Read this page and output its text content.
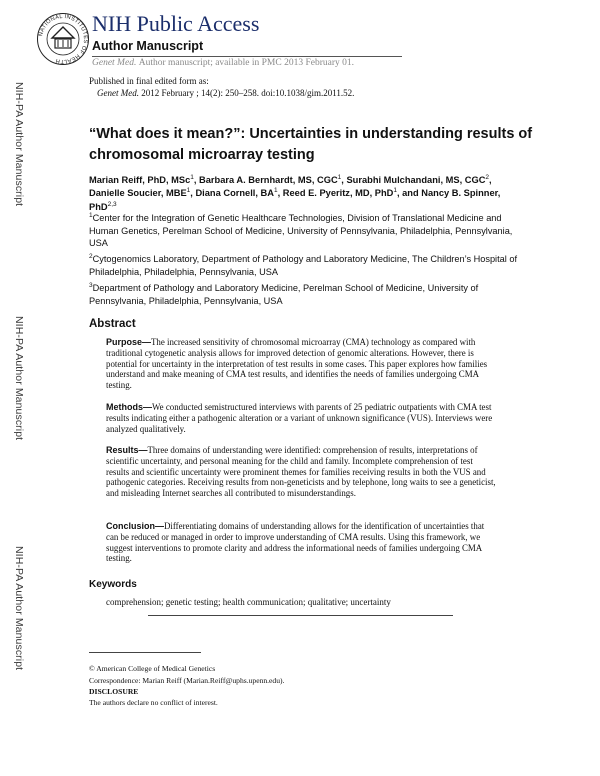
NIH-PA Author Manuscript
NIH-PA Author Manuscript
NIH-PA Author Manuscript
NATIONAL INSTITUTES OF HEALTH
NIH Public Access
Author Manuscript
Genet Med. Author manuscript; available in PMC 2013 February 01.
Published in final edited form as:
Genet Med. 2012 February ; 14(2): 250–258. doi:10.1038/gim.2011.52.
“What does it mean?”: Uncertainties in understanding results of chromosomal microarray testing
Marian Reiff, PhD, MSc$^1$, Barbara A. Bernhardt, MS, CGC$^1$, Surabhi Mulchandani, MS, CGC$^2$, Danielle Soucier, MBE$^1$, Diana Cornell, $BA^1$, Reed E. Pyeritz, MD, PhD$^1$, and Nancy B. Spinner, PhD$^{2,3}$
$^1$Center for the Integration of Genetic Healthcare Technologies, Division of Translational Medicine and Human Genetics, Perelman School of Medicine, University of Pennsylvania, Philadelphia, Pennsylvania, USA
$^2$Cytogenomics Laboratory, Department of Pathology and Laboratory Medicine, The Children’s Hospital of Philadelphia, Philadelphia, Pennsylvania, USA
$^3$Department of Pathology and Laboratory Medicine, Perelman School of Medicine, University of Pennsylvania, Philadelphia, Pennsylvania, USA
Abstract
Purpose—The increased sensitivity of chromosomal microarray (CMA) technology as compared with traditional cytogenetic analysis allows for improved detection of genomic alterations. However, there is potential for uncertainty in the interpretation of test results in some cases. This paper explores how families understand and make meaning of CMA test results, and identifies the needs of families undergoing CMA testing.
Methods—We conducted semistructured interviews with parents of 25 pediatric outpatients with CMA test results indicating either a pathogenic alteration or a variant of unknown significance (VUS). Interviews were analyzed qualitatively.
Results—Three domains of understanding were identified: comprehension of results, interpretations of scientific uncertainty, and personal meaning for the child and family. Incomplete comprehension of test results and scientific uncertainty were prominent themes for families receiving results in both the VUS and pathogenic categories. Receiving results from non-geneticists and by telephone, long waits to see a geneticist, and misleading Internet searches all contributed to misunderstandings.
Conclusion—Differentiating domains of understanding allows for the identification of uncertainties that can be reduced or managed in order to improve understanding of CMA results. Using this framework, we suggest interventions to promote clarity and address the informational needs of families undergoing CMA testing.
Keywords
comprehension; genetic testing; health communication; qualitative; uncertainty
© American College of Medical Genetics
Correspondence: Marian Reiff (Marian.Reiff@uphs.upenn.edu).
DISCLOSURE
The authors declare no conflict of interest.
